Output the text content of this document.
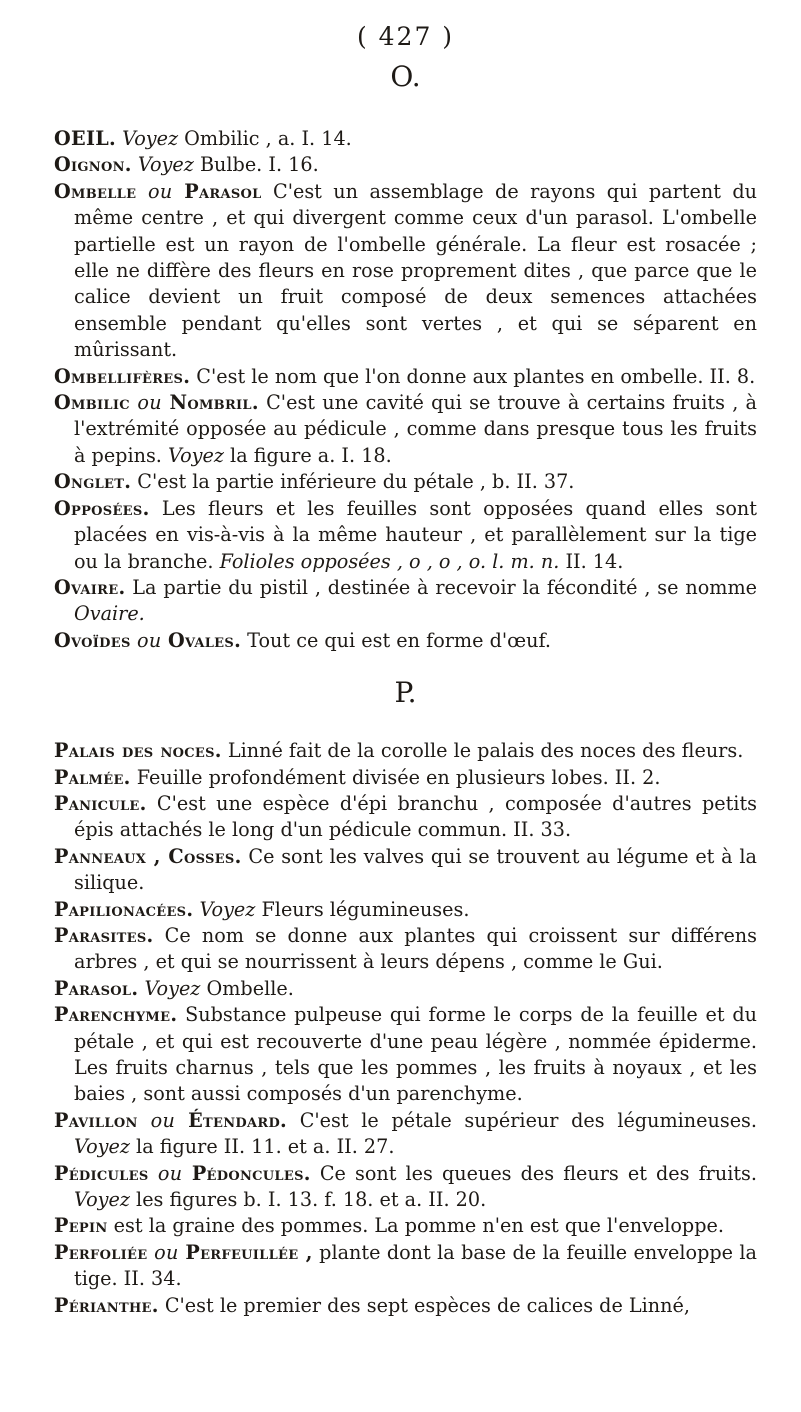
( 427 )
O.

OEIL. Voyez Ombilic , a. I. 14.

Oignon. Voyez Bulbe. I. 16.

Ombelle ou Parasol C'est un assemblage de rayons qui partent du même centre , et qui divergent comme ceux d'un parasol. L'ombelle partielle est un rayon de l'ombelle générale. La fleur est rosacée ; elle ne diffère des fleurs en rose proprement dites , que parce que le calice devient un fruit composé de deux semences attachées ensemble pendant qu'elles sont vertes , et qui se séparent en mûrissant.

Ombellifères. C'est le nom que l'on donne aux plantes en ombelle. II. 8.

Ombilic ou Nombril. C'est une cavité qui se trouve à certains fruits , à l'extrémité opposée au pédicule , comme dans presque tous les fruits à pepins. Voyez la figure a. I. 18.

Onglet. C'est la partie inférieure du pétale , b. II. 37.

Opposées. Les fleurs et les feuilles sont opposées quand elles sont placées en vis-à-vis à la même hauteur , et parallèlement sur la tige ou la branche. Folioles opposées , o , o , o. l. m. n. II. 14.

Ovaire. La partie du pistil , destinée à recevoir la fécondité , se nomme Ovaire.

Ovoïdes ou Ovales. Tout ce qui est en forme d'œuf.

P.

Palais des noces. Linné fait de la corolle le palais des noces des fleurs.

Palmée. Feuille profondément divisée en plusieurs lobes. II. 2.

Panicule. C'est une espèce d'épi branchu , composée d'autres petits épis attachés le long d'un pédicule commun. II. 33.

Panneaux , Cosses. Ce sont les valves qui se trouvent au légume et à la silique.

Papilionacées. Voyez Fleurs légumineuses.

Parasites. Ce nom se donne aux plantes qui croissent sur différens arbres , et qui se nourrissent à leurs dépens , comme le Gui.

Parasol. Voyez Ombelle.

Parenchyme. Substance pulpeuse qui forme le corps de la feuille et du pétale , et qui est recouverte d'une peau légère , nommée épiderme. Les fruits charnus , tels que les pommes , les fruits à noyaux , et les baies , sont aussi composés d'un parenchyme.

Pavillon ou Étendard. C'est le pétale supérieur des légumineuses. Voyez la figure II. 11. et a. II. 27.

Pédicules ou Pédoncules. Ce sont les queues des fleurs et des fruits. Voyez les figures b. I. 13. f. 18. et a. II. 20.

Pepin est la graine des pommes. La pomme n'en est que l'enveloppe.

Perfoliée ou Perfeuillée , plante dont la base de la feuille enveloppe la tige. II. 34.

Périanthe. C'est le premier des sept espèces de calices de Linné,
